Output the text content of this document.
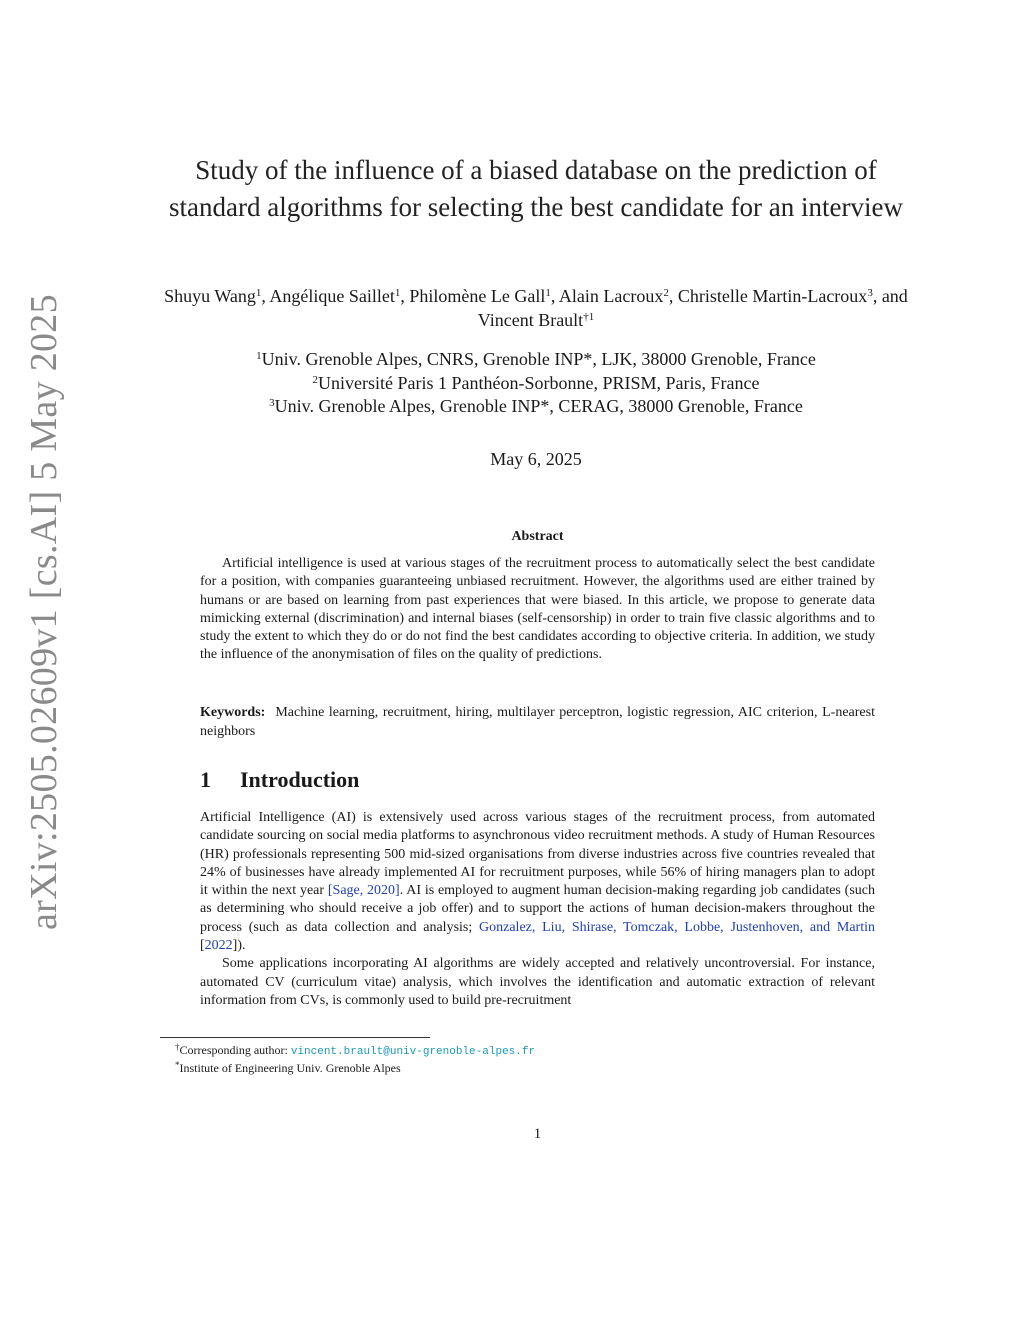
arXiv:2505.02609v1 [cs.AI] 5 May 2025
Study of the influence of a biased database on the prediction of standard algorithms for selecting the best candidate for an interview
Shuyu Wang$^1$, Angélique Saillet$^1$, Philomène Le Gall$^1$, Alain Lacroux$^2$, Christelle Martin-Lacroux$^3$, and Vincent Brault$^{\dagger 1}$
$^1$Univ. Grenoble Alpes, CNRS, Grenoble INP*, LJK, 38000 Grenoble, France
$^2$Université Paris 1 Panthéon-Sorbonne, PRISM, Paris, France
$^3$Univ. Grenoble Alpes, Grenoble INP*, CERAG, 38000 Grenoble, France
May 6, 2025
Abstract

Artificial intelligence is used at various stages of the recruitment process to automatically select the best candidate for a position, with companies guaranteeing unbiased recruitment. However, the algorithms used are either trained by humans or are based on learning from past experiences that were biased. In this article, we propose to generate data mimicking external (discrimination) and internal biases (self-censorship) in order to train five classic algorithms and to study the extent to which they do or do not find the best candidates according to objective criteria. In addition, we study the influence of the anonymisation of files on the quality of predictions.

Keywords: Machine learning, recruitment, hiring, multilayer perceptron, logistic regression, AIC criterion, L-nearest neighbors

1 Introduction

Artificial Intelligence (AI) is extensively used across various stages of the recruitment process, from automated candidate sourcing on social media platforms to asynchronous video recruitment methods. A study of Human Resources (HR) professionals representing 500 mid-sized organisations from diverse industries across five countries revealed that 24% of businesses have already implemented AI for recruitment purposes, while 56% of hiring managers plan to adopt it within the next year [Sage, 2020]. AI is employed to augment human decision-making regarding job candidates (such as determining who should receive a job offer) and to support the actions of human decision-makers throughout the process (such as data collection and analysis; Gonzalez, Liu, Shirase, Tomczak, Lobbe, Justenhoven, and Martin [2022]).

Some applications incorporating AI algorithms are widely accepted and relatively uncontroversial. For instance, automated CV (curriculum vitae) analysis, which involves the identification and automatic extraction of relevant information from CVs, is commonly used to build pre-recruitment

†Corresponding author: vincent.brault@univ-grenoble-alpes.fr
*Institute of Engineering Univ. Grenoble Alpes
1
